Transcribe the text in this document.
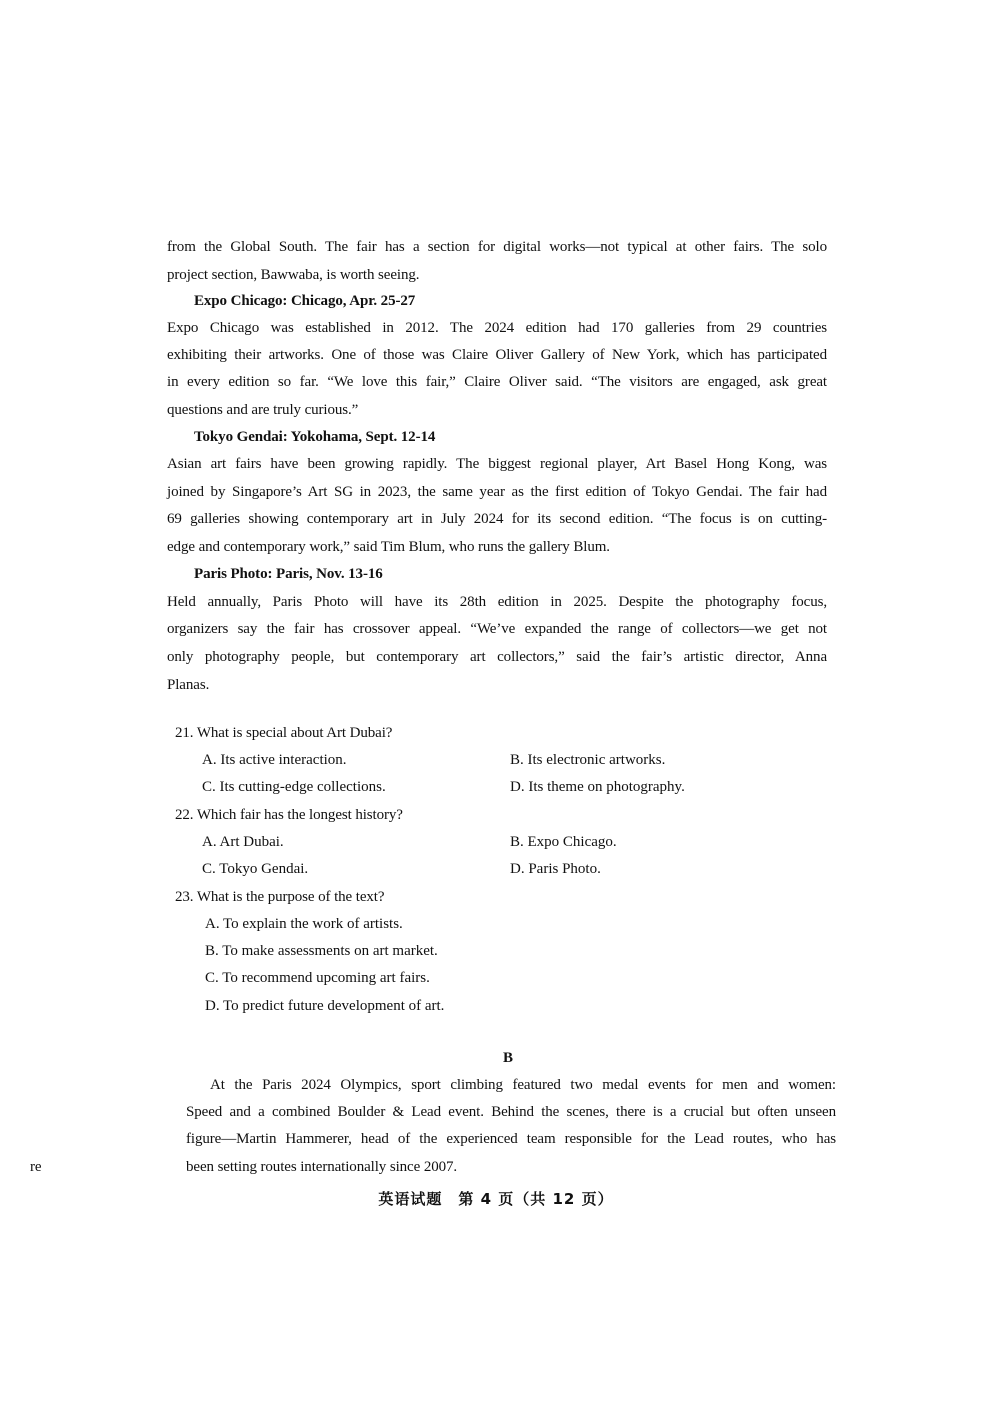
from the Global South. The fair has a section for digital works—not typical at other fairs. The solo
project section, Bawwaba, is worth seeing.
Expo Chicago: Chicago, Apr. 25-27
Expo Chicago was established in 2012. The 2024 edition had 170 galleries from 29 countries
exhibiting their artworks. One of those was Claire Oliver Gallery of New York, which has participated
in every edition so far. “We love this fair,” Claire Oliver said. “The visitors are engaged, ask great
questions and are truly curious.”
Tokyo Gendai: Yokohama, Sept. 12-14
Asian art fairs have been growing rapidly. The biggest regional player, Art Basel Hong Kong, was
joined by Singapore’s Art SG in 2023, the same year as the first edition of Tokyo Gendai. The fair had
69 galleries showing contemporary art in July 2024 for its second edition. “The focus is on cutting-
edge and contemporary work,” said Tim Blum, who runs the gallery Blum.
Paris Photo: Paris, Nov. 13-16
Held annually, Paris Photo will have its 28th edition in 2025. Despite the photography focus,
organizers say the fair has crossover appeal. “We’ve expanded the range of collectors—we get not
only photography people, but contemporary art collectors,” said the fair’s artistic director, Anna
Planas.
21. What is special about Art Dubai?
A. Its active interaction.	B. Its electronic artworks.
C. Its cutting-edge collections.	D. Its theme on photography.
22. Which fair has the longest history?
A. Art Dubai.	B. Expo Chicago.
C. Tokyo Gendai.	D. Paris Photo.
23. What is the purpose of the text?
A. To explain the work of artists.
B. To make assessments on art market.
C. To recommend upcoming art fairs.
D. To predict future development of art.
B
At the Paris 2024 Olympics, sport climbing featured two medal events for men and women:
Speed and a combined Boulder & Lead event. Behind the scenes, there is a crucial but often unseen
figure—Martin Hammerer, head of the experienced team responsible for the Lead routes, who has
been setting routes internationally since 2007.
re
英语试题　第 4 页（共 12 页）
